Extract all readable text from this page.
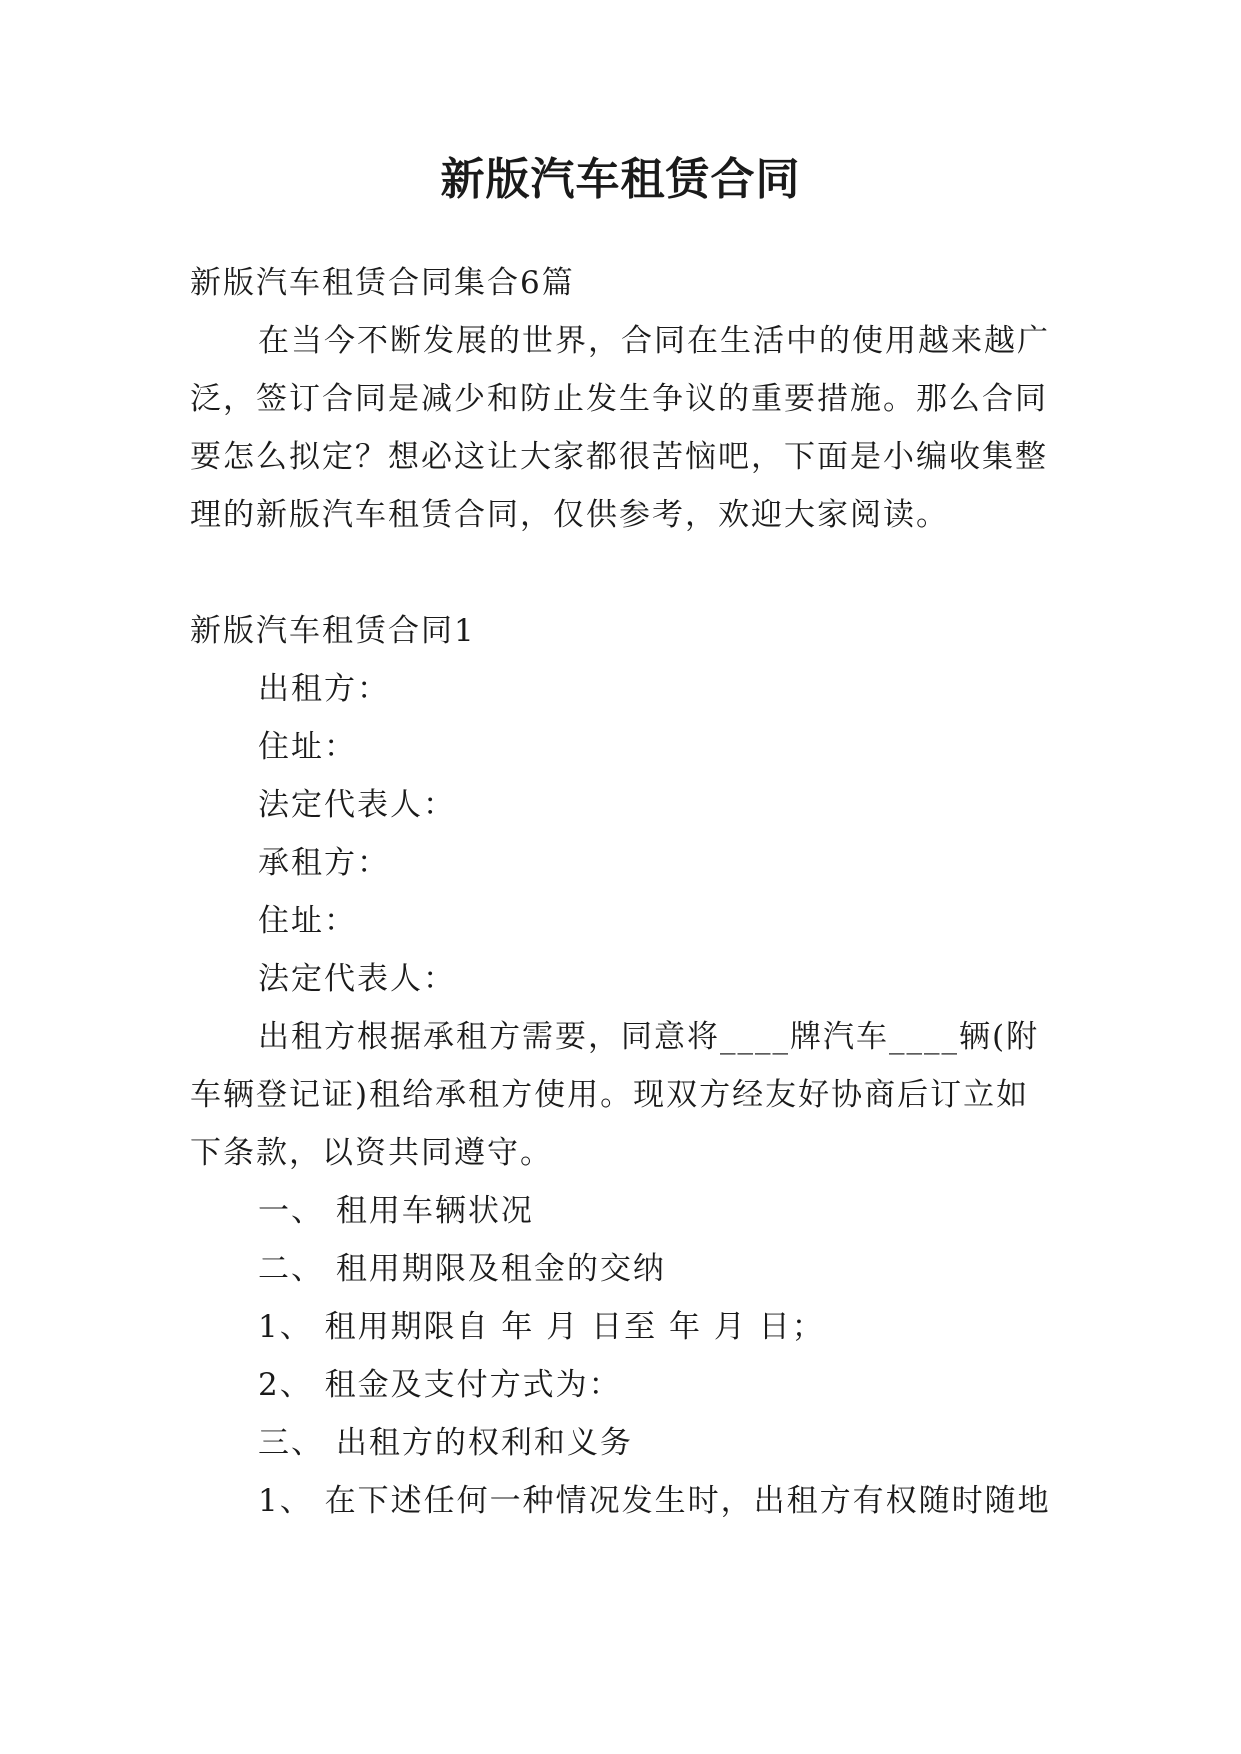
新版汽车租赁合同
新版汽车租赁合同集合6篇
在当今不断发展的世界，合同在生活中的使用越来越广
泛，签订合同是减少和防止发生争议的重要措施。那么合同
要怎么拟定？想必这让大家都很苦恼吧，下面是小编收集整
理的新版汽车租赁合同，仅供参考，欢迎大家阅读。
新版汽车租赁合同1
出租方：
住址：
法定代表人：
承租方：
住址：
法定代表人：
出租方根据承租方需要，同意将____牌汽车____辆(附
车辆登记证)租给承租方使用。现双方经友好协商后订立如
下条款，以资共同遵守。
一、 租用车辆状况
二、 租用期限及租金的交纳
1、 租用期限自 年 月 日至 年 月 日；
2、 租金及支付方式为：
三、 出租方的权利和义务
1、 在下述任何一种情况发生时，出租方有权随时随地
